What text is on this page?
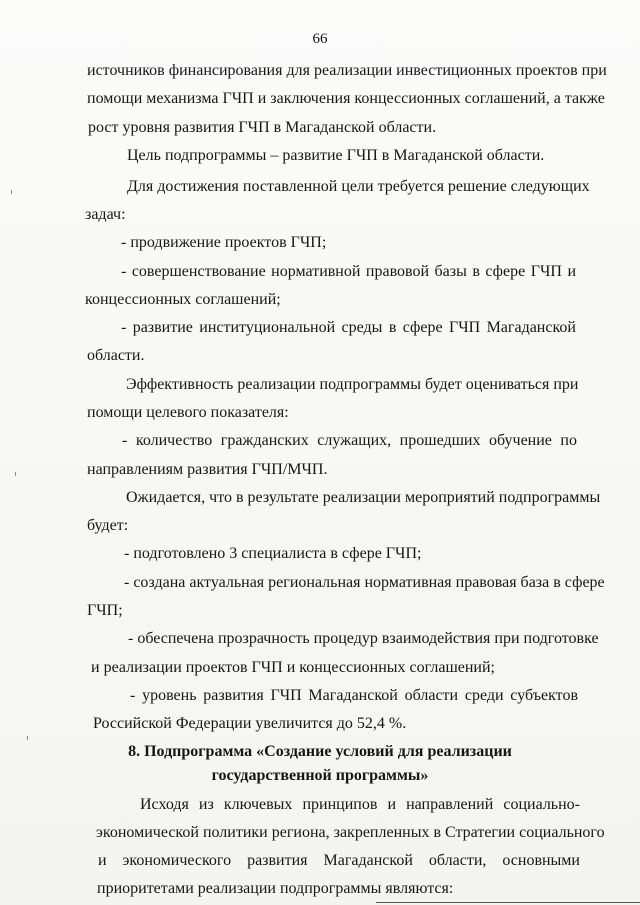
66
источников финансирования для реализации инвестиционных проектов при
помощи механизма ГЧП и заключения концессионных соглашений, а также
рост уровня развития ГЧП в Магаданской области.
Цель подпрограммы – развитие ГЧП в Магаданской области.
Для достижения поставленной цели требуется решение следующих
задач:
- продвижение проектов ГЧП;
- совершенствование нормативной правовой базы в сфере ГЧП и
концессионных соглашений;
- развитие институциональной среды в сфере ГЧП Магаданской
области.
Эффективность реализации подпрограммы будет оцениваться при
помощи целевого показателя:
- количество гражданских служащих, прошедших обучение по
направлениям развития ГЧП/МЧП.
Ожидается, что в результате реализации мероприятий подпрограммы
будет:
- подготовлено 3 специалиста в сфере ГЧП;
- создана актуальная региональная нормативная правовая база в сфере
ГЧП;
- обеспечена прозрачность процедур взаимодействия при подготовке
и реализации проектов ГЧП и концессионных соглашений;
- уровень развития ГЧП Магаданской области среди субъектов
Российской Федерации увеличится до 52,4 %.
8. Подпрограмма «Создание условий для реализации
государственной программы»
Исходя из ключевых принципов и направлений социально-
экономической политики региона, закрепленных в Стратегии социального
и экономического развития Магаданской области, основными
приоритетами реализации подпрограммы являются:
